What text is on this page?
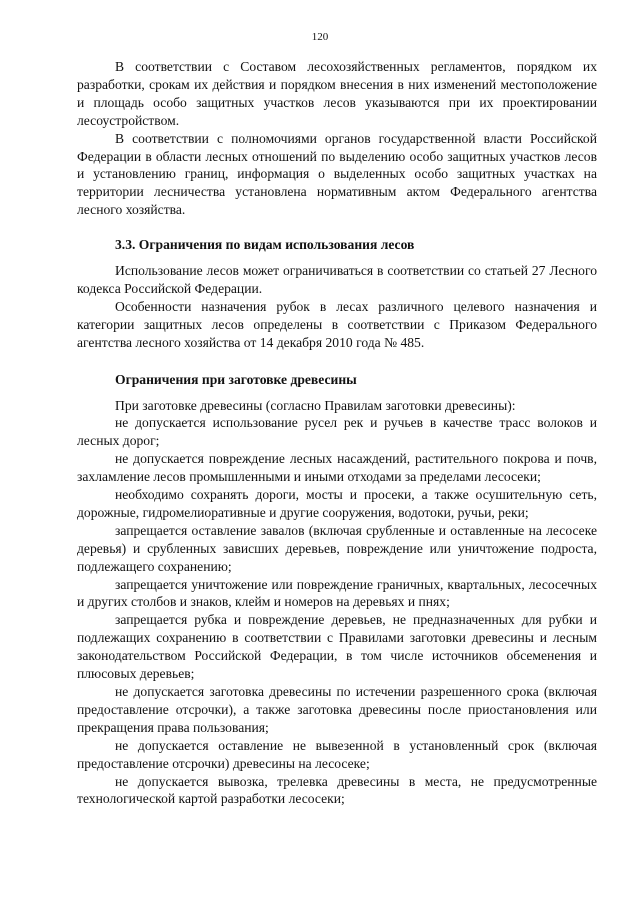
120

В соответствии с Составом лесохозяйственных регламентов, порядком их разработки, срокам их действия и порядком внесения в них изменений местоположение и площадь особо защитных участков лесов указываются при их проектировании лесоустройством.

В соответствии с полномочиями органов государственной власти Российской Федерации в области лесных отношений по выделению особо защитных участков лесов и установлению границ, информация о выделенных особо защитных участках на территории лесничества установлена нормативным актом Федерального агентства лесного хозяйства.

3.3. Ограничения по видам использования лесов

Использование лесов может ограничиваться в соответствии со статьей 27 Лесного кодекса Российской Федерации.

Особенности назначения рубок в лесах различного целевого назначения и категории защитных лесов определены в соответствии с Приказом Федерального агентства лесного хозяйства от 14 декабря 2010 года № 485.

Ограничения при заготовке древесины

При заготовке древесины (согласно Правилам заготовки древесины):

не допускается использование русел рек и ручьев в качестве трасс волоков и лесных дорог;

не допускается повреждение лесных насаждений, растительного покрова и почв, захламление лесов промышленными и иными отходами за пределами лесосеки;

необходимо сохранять дороги, мосты и просеки, а также осушительную сеть, дорожные, гидромелиоративные и другие сооружения, водотоки, ручьи, реки;

запрещается оставление завалов (включая срубленные и оставленные на лесосеке деревья) и срубленных зависших деревьев, повреждение или уничтожение подроста, подлежащего сохранению;

запрещается уничтожение или повреждение граничных, квартальных, лесосечных и других столбов и знаков, клейм и номеров на деревьях и пнях;

запрещается рубка и повреждение деревьев, не предназначенных для рубки и подлежащих сохранению в соответствии с Правилами заготовки древесины и лесным законодательством Российской Федерации, в том числе источников обсеменения и плюсовых деревьев;

не допускается заготовка древесины по истечении разрешенного срока (включая предоставление отсрочки), а также заготовка древесины после приостановления или прекращения права пользования;

не допускается оставление не вывезенной в установленный срок (включая предоставление отсрочки) древесины на лесосеке;

не допускается вывозка, трелевка древесины в места, не предусмотренные технологической картой разработки лесосеки;
